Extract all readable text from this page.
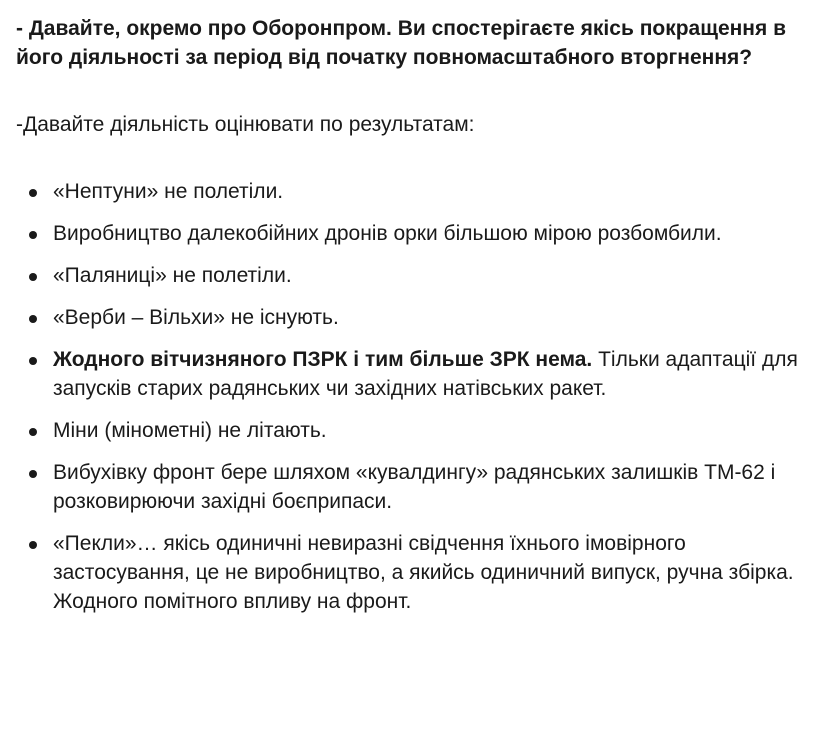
- Давайте, окремо про Оборонпром. Ви спостерігаєте якісь покращення в його діяльності за період від початку повномасштабного вторгнення?

-Давайте діяльність оцінювати по результатам:

«Нептуни» не полетіли.
Виробництво далекобійних дронів орки більшою мірою розбомбили.
«Паляниці» не полетіли.
«Верби – Вільхи» не існують.
Жодного вітчизняного ПЗРК і тим більше ЗРК нема. Тільки адаптації для запусків старих радянських чи західних натівських ракет.
Міни (мінометні) не літають.
Вибухівку фронт бере шляхом «кувалдингу» радянських залишків ТМ-62 і розковирюючи західні боєприпаси.
«Пекли»… якісь одиничні невиразні свідчення їхнього імовірного застосування, це не виробництво, а якийсь одиничний випуск, ручна збірка. Жодного помітного впливу на фронт.
